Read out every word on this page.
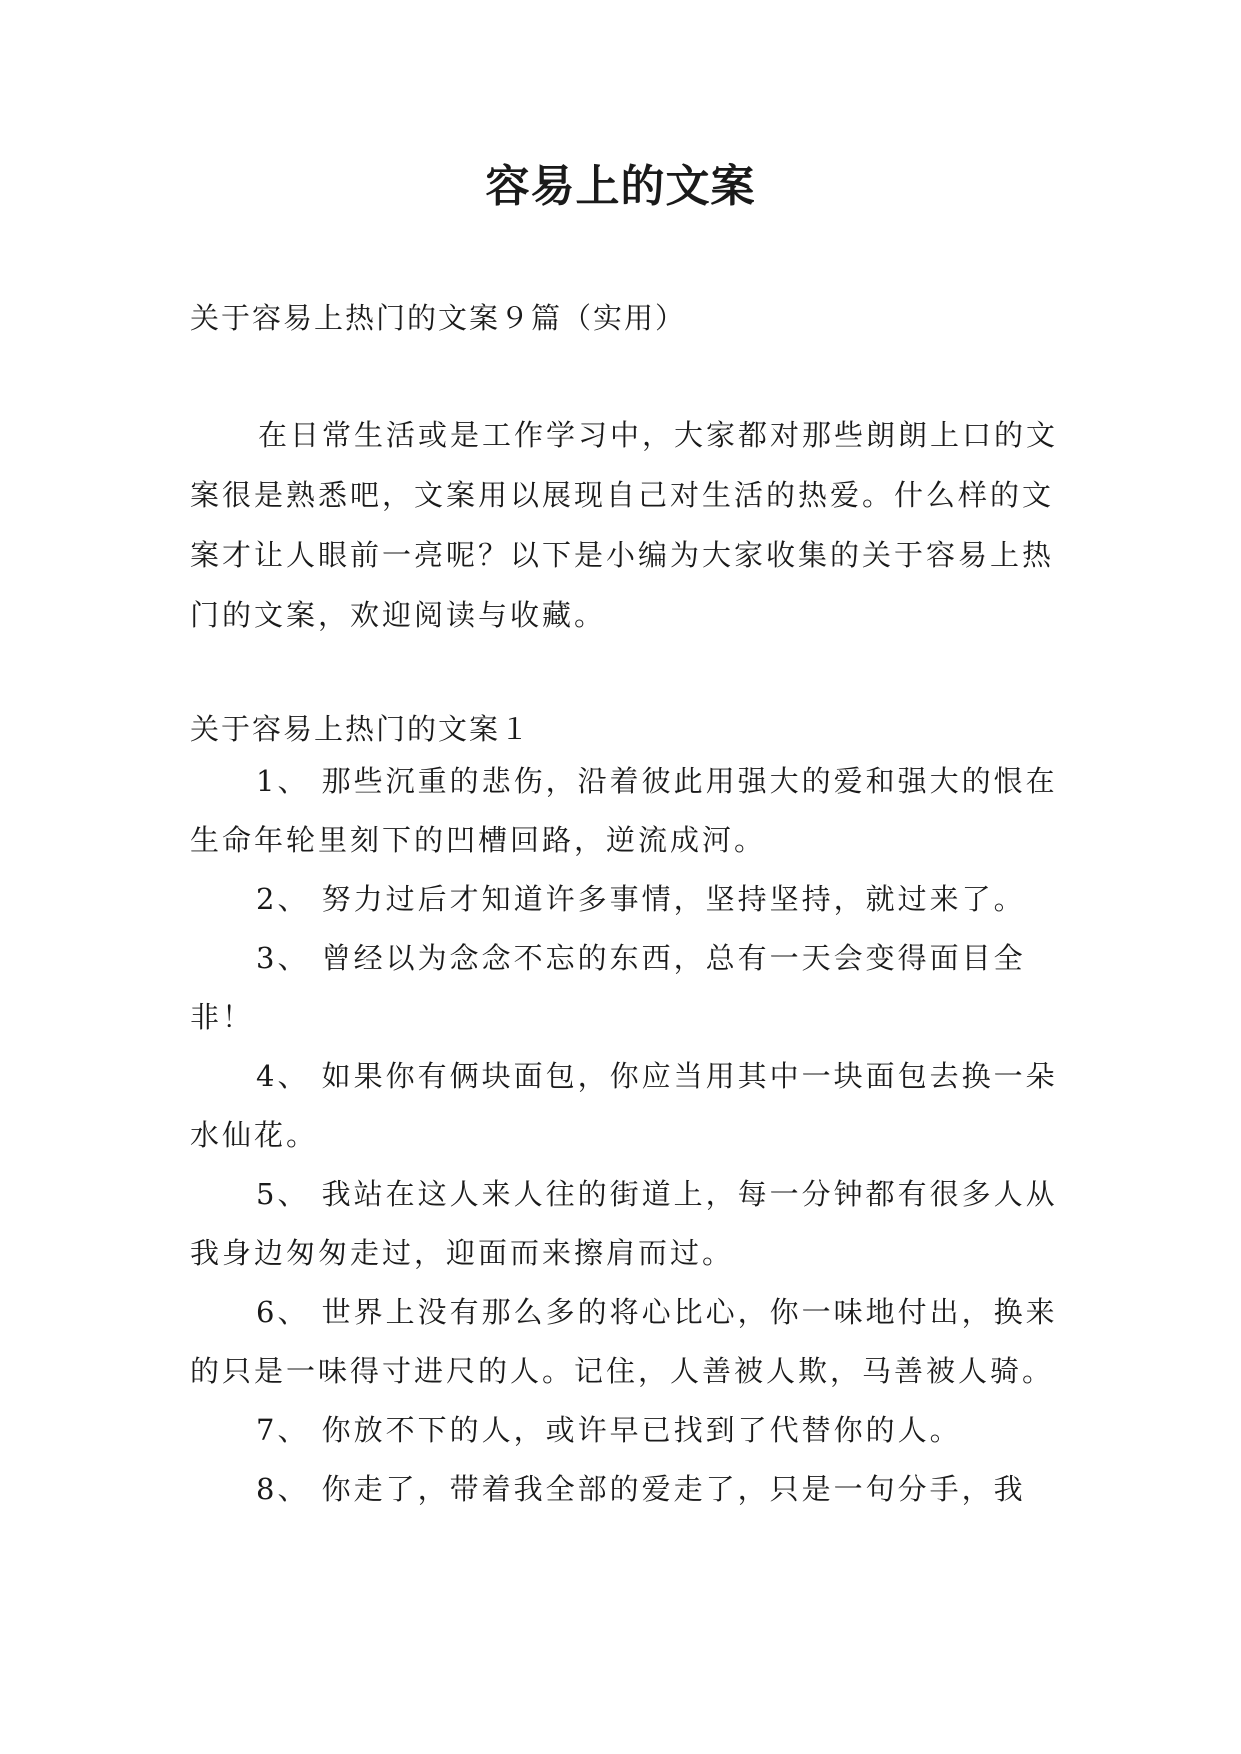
容易上的文案
关于容易上热门的文案９篇（实用）

在日常生活或是工作学习中，大家都对那些朗朗上口的文案很是熟悉吧，文案用以展现自己对生活的热爱。什么样的文案才让人眼前一亮呢？以下是小编为大家收集的关于容易上热门的文案，欢迎阅读与收藏。

关于容易上热门的文案１

1、 那些沉重的悲伤，沿着彼此用强大的爱和强大的恨在生命年轮里刻下的凹槽回路，逆流成河。

2、 努力过后才知道许多事情，坚持坚持，就过来了。

3、 曾经以为念念不忘的东西，总有一天会变得面目全非！

4、 如果你有俩块面包，你应当用其中一块面包去换一朵水仙花。

5、 我站在这人来人往的街道上，每一分钟都有很多人从我身边匆匆走过，迎面而来擦肩而过。

6、 世界上没有那么多的将心比心，你一味地付出，换来的只是一味得寸进尺的人。记住，人善被人欺，马善被人骑。

7、 你放不下的人，或许早已找到了代替你的人。

8、 你走了，带着我全部的爱走了，只是一句分手，我
